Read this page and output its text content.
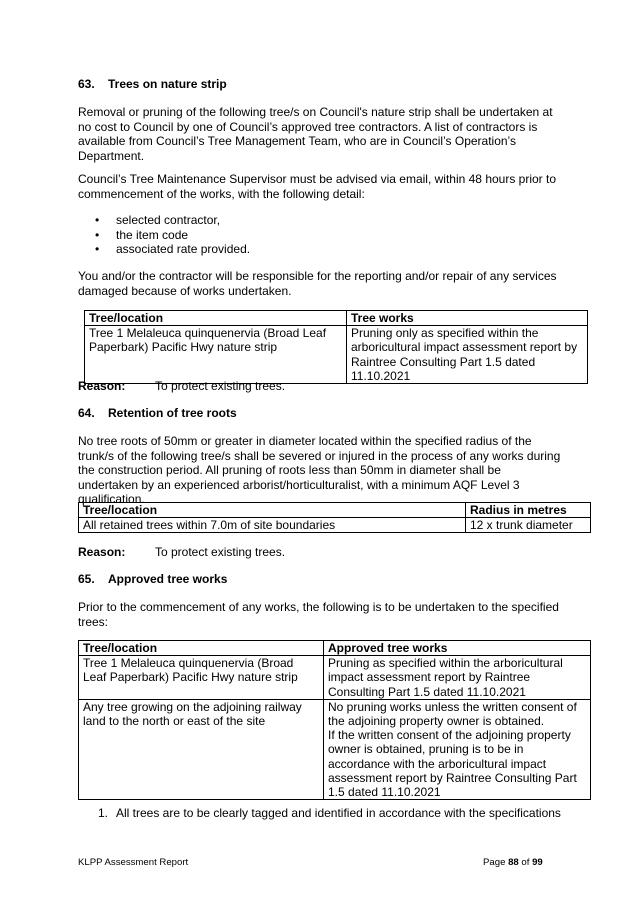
63. Trees on nature strip

Removal or pruning of the following tree/s on Council's nature strip shall be undertaken at no cost to Council by one of Council’s approved tree contractors. A list of contractors is available from Council’s Tree Management Team, who are in Council’s Operation’s Department.

Council’s Tree Maintenance Supervisor must be advised via email, within 48 hours prior to commencement of the works, with the following detail:

• selected contractor,
• the item code
• associated rate provided.

You and/or the contractor will be responsible for the reporting and/or repair of any services damaged because of works undertaken.

Tree/location	Tree works
Tree 1 Melaleuca quinquenervia (Broad Leaf Paperbark) Pacific Hwy nature strip	Pruning only as specified within the arboricultural impact assessment report by Raintree Consulting Part 1.5 dated 11.10.2021

Reason: To protect existing trees.

64. Retention of tree roots

No tree roots of 50mm or greater in diameter located within the specified radius of the trunk/s of the following tree/s shall be severed or injured in the process of any works during the construction period. All pruning of roots less than 50mm in diameter shall be undertaken by an experienced arborist/horticulturalist, with a minimum AQF Level 3 qualification.

Tree/location	Radius in metres
All retained trees within 7.0m of site boundaries	12 x trunk diameter

Reason: To protect existing trees.

65. Approved tree works

Prior to the commencement of any works, the following is to be undertaken to the specified trees:

Tree/location	Approved tree works
Tree 1 Melaleuca quinquenervia (Broad Leaf Paperbark) Pacific Hwy nature strip	Pruning as specified within the arboricultural impact assessment report by Raintree Consulting Part 1.5 dated 11.10.2021
Any tree growing on the adjoining railway land to the north or east of the site	No pruning works unless the written consent of the adjoining property owner is obtained.
If the written consent of the adjoining property owner is obtained, pruning is to be in accordance with the arboricultural impact assessment report by Raintree Consulting Part 1.5 dated 11.10.2021
1. All trees are to be clearly tagged and identified in accordance with the specifications
KLPP Assessment Report	Page 88 of 99
